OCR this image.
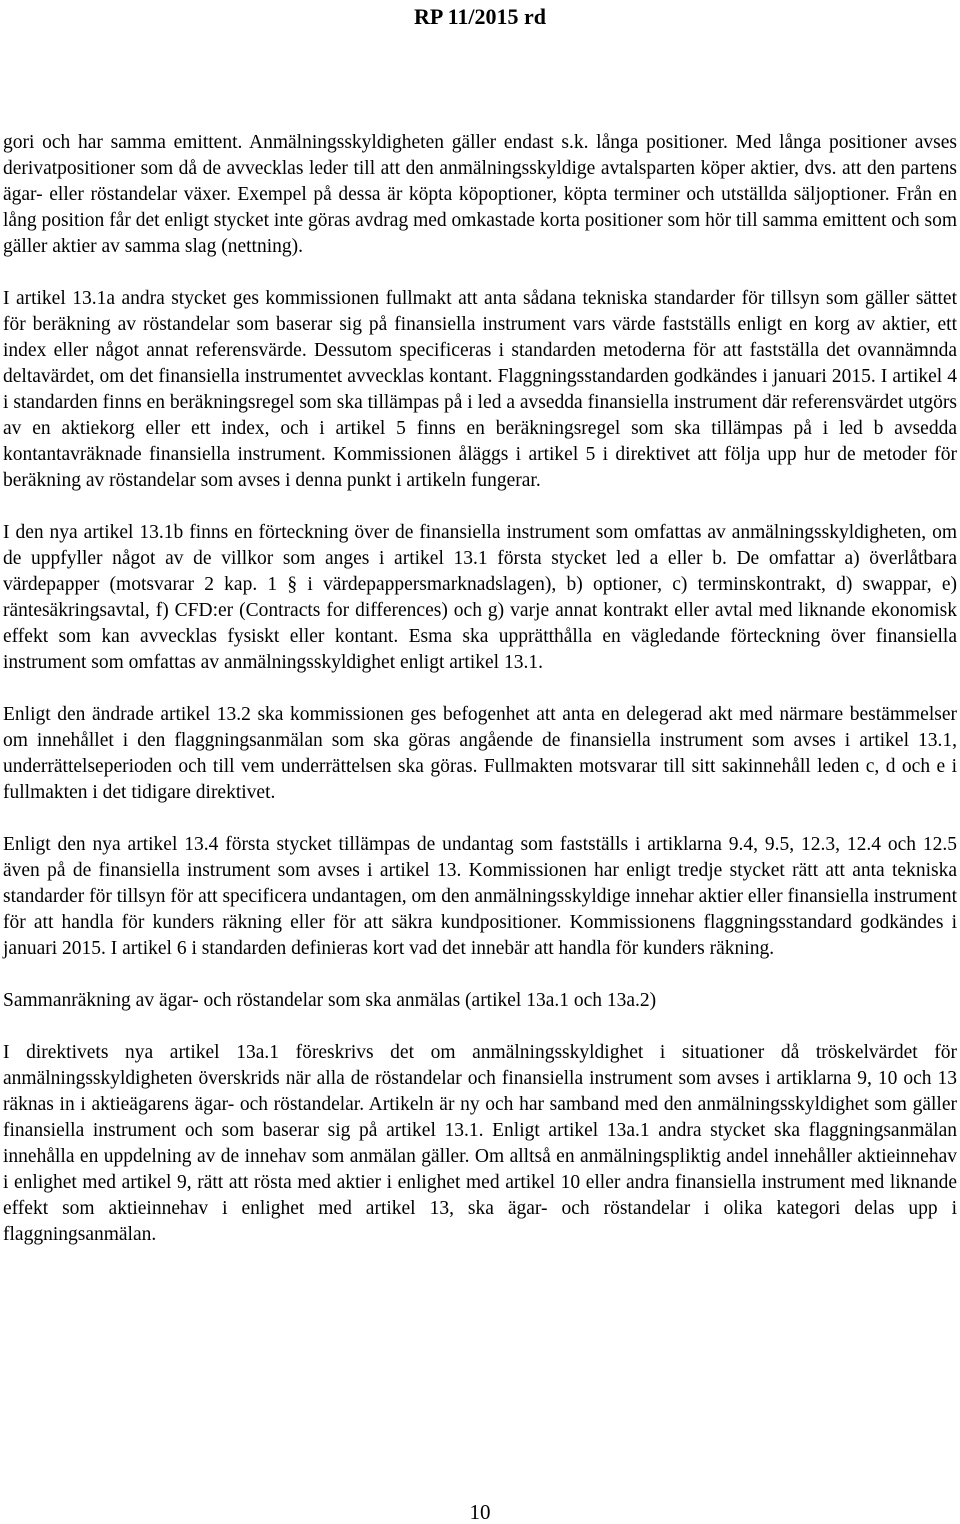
RP 11/2015 rd

gori och har samma emittent. Anmälningsskyldigheten gäller endast s.k. långa positioner. Med långa positioner avses derivatpositioner som då de avvecklas leder till att den anmälningsskyldige avtalsparten köper aktier, dvs. att den partens ägar- eller röstandelar växer. Exempel på dessa är köpta köpoptioner, köpta terminer och utställda säljoptioner. Från en lång position får det enligt stycket inte göras avdrag med omkastade korta positioner som hör till samma emittent och som gäller aktier av samma slag (nettning).

I artikel 13.1a andra stycket ges kommissionen fullmakt att anta sådana tekniska standarder för tillsyn som gäller sättet för beräkning av röstandelar som baserar sig på finansiella instrument vars värde fastställs enligt en korg av aktier, ett index eller något annat referensvärde. Dessutom specificeras i standarden metoderna för att fastställa det ovannämnda deltavärdet, om det finansiella instrumentet avvecklas kontant. Flaggningsstandarden godkändes i januari 2015. I artikel 4 i standarden finns en beräkningsregel som ska tillämpas på i led a avsedda finansiella instrument där referensvärdet utgörs av en aktiekorg eller ett index, och i artikel 5 finns en beräkningsregel som ska tillämpas på i led b avsedda kontantavräknade finansiella instrument. Kommissionen åläggs i artikel 5 i direktivet att följa upp hur de metoder för beräkning av röstandelar som avses i denna punkt i artikeln fungerar.

I den nya artikel 13.1b finns en förteckning över de finansiella instrument som omfattas av anmälningsskyldigheten, om de uppfyller något av de villkor som anges i artikel 13.1 första stycket led a eller b. De omfattar a) överlåtbara värdepapper (motsvarar 2 kap. 1 § i värdepappersmarknadslagen), b) optioner, c) terminskontrakt, d) swappar, e) räntesäkringsavtal, f) CFD:er (Contracts for differences) och g) varje annat kontrakt eller avtal med liknande ekonomisk effekt som kan avvecklas fysiskt eller kontant. Esma ska upprätthålla en vägledande förteckning över finansiella instrument som omfattas av anmälningsskyldighet enligt artikel 13.1.

Enligt den ändrade artikel 13.2 ska kommissionen ges befogenhet att anta en delegerad akt med närmare bestämmelser om innehållet i den flaggningsanmälan som ska göras angående de finansiella instrument som avses i artikel 13.1, underrättelseperioden och till vem underrättelsen ska göras. Fullmakten motsvarar till sitt sakinnehåll leden c, d och e i fullmakten i det tidigare direktivet.

Enligt den nya artikel 13.4 första stycket tillämpas de undantag som fastställs i artiklarna 9.4, 9.5, 12.3, 12.4 och 12.5 även på de finansiella instrument som avses i artikel 13. Kommissionen har enligt tredje stycket rätt att anta tekniska standarder för tillsyn för att specificera undantagen, om den anmälningsskyldige innehar aktier eller finansiella instrument för att handla för kunders räkning eller för att säkra kundpositioner. Kommissionens flaggningsstandard godkändes i januari 2015. I artikel 6 i standarden definieras kort vad det innebär att handla för kunders räkning.

Sammanräkning av ägar- och röstandelar som ska anmälas (artikel 13a.1 och 13a.2)

I direktivets nya artikel 13a.1 föreskrivs det om anmälningsskyldighet i situationer då tröskelvärdet för anmälningsskyldigheten överskrids när alla de röstandelar och finansiella instrument som avses i artiklarna 9, 10 och 13 räknas in i aktieägarens ägar- och röstandelar. Artikeln är ny och har samband med den anmälningsskyldighet som gäller finansiella instrument och som baserar sig på artikel 13.1. Enligt artikel 13a.1 andra stycket ska flaggningsanmälan innehålla en uppdelning av de innehav som anmälan gäller. Om alltså en anmälningspliktig andel innehåller aktieinnehav i enlighet med artikel 9, rätt att rösta med aktier i enlighet med artikel 10 eller andra finansiella instrument med liknande effekt som aktieinnehav i enlighet med artikel 13, ska ägar- och röstandelar i olika kategori delas upp i flaggningsanmälan.

10
